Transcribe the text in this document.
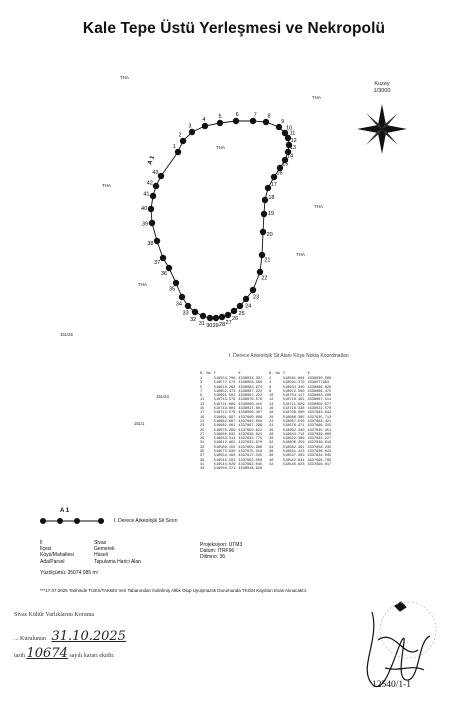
Kale Tepe Üstü Yerleşmesi ve Nekropolü
1
2
3
4
5	6	7 8
9
10
11
12
13
14
15
16
17
18
19
20
21
22
23
24
25
26
27
28
29
30
31
32
33
34
35
36
37
38
39
40
41
42
43
A 1
Kuzey
1/3000
THA
THA
THA
THA
THA
THA
THA
151/25
151/24
151/1
I. Derece Arkeolojik Sit Alanı Köşe Nokta Koordinatları
N. No	Y	X	N. No	Y	X
1	518554.708	4338034.397	2	518561.804	4338030.560
3	518577.573	4338058.300	4	518591.370	4338077963
5	518610.293	4338083.674	6	518634.340	4338086.826
7	518652.473	4338087.222	8	518672.580	4338086.475
9	518691.502	4338087.222	10	518704.117	4338083.260
11	518713.579	4338076.578	12	518718.492	4338067.511
13	518721.069	4338060.415	14	518721.629	4338050.577
15	518719.804	4338037.801	16	518716.338	4338022.570
17	518713.579	4338006.407	18	518708.060	4337983.942
19	518691.997	4337960.896	20	518686.385	4337935.713
21	518682.687	4337902.856	22	518667.516	4337883.421
23	518682.061	4337867.299	24	518676.471	4337866.315
25	518670.269	4337850.822	26	518662.330	4337845.451
27	518650.832	4337838.624	28	518643.714	4337836.060
29	518633.311	4337832.775	30	518622.386	4337832.227
31	518612.862	4337833.870	32	518600.459	4337839.619
33	518586.150	4337850.966	34	518562.391	4337858.235
35	518573.630	4337875.318	36	518561.443	4337906.022
37	518554.183	4337917.345	38	518547.303	4337934.045
39	518543.501	4337953.056	40	518542.931	4337998.786
41	518544.029	4337992.045	42	518546.623	4337998.617
43	518550.371	4338018.628			
A 1
I. Derece Arkeolojik Sit Sınırı
İl
İlçesi
Köyü/Mahallesi
Ada/Parsel
Sivas
Gemerek
Hüseli
Tapulama Harici Alan
Projeksiyon: UTM3
Datum: ITRF96
Dilimno: 36
Yüzölçümü: 35074.085 m²
***17.07.2025 Tarihinde TUES/TAKBİS Veri Tabanından İndirilmiş Altlık Olup Uyuşmazlık Durumunda TKGM Kayıtları Esas Alınacaktır.
Sivas Kültür Varlıklarını Koruma
... Kurulunun 31.10.2025
tarih 10674 sayılı kararı ekidir.
12540/1-1
